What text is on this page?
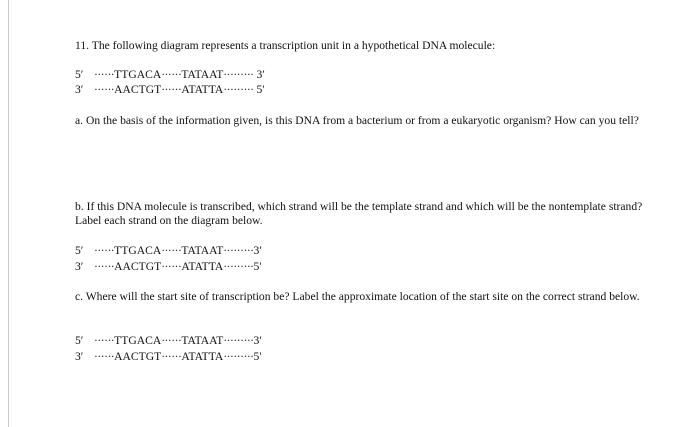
11. The following diagram represents a transcription unit in a hypothetical DNA molecule:
5′ ······TTGACA······TATAAT········· 3′
3′ ······AACTGT······ATATTA········· 5′
a. On the basis of the information given, is this DNA from a bacterium or from a eukaryotic organism? How can you tell?
b. If this DNA molecule is transcribed, which strand will be the template strand and which will be the nontemplate strand?
Label each strand on the diagram below.
5′ ······TTGACA······TATAAT·········3′
3′ ······AACTGT······ATATTA·········5'
c. Where will the start site of transcription be? Label the approximate location of the start site on the correct strand below.
5′ ······TTGACA······TATAAT·········3′
3′ ······AACTGT······ATATTA·········5'
